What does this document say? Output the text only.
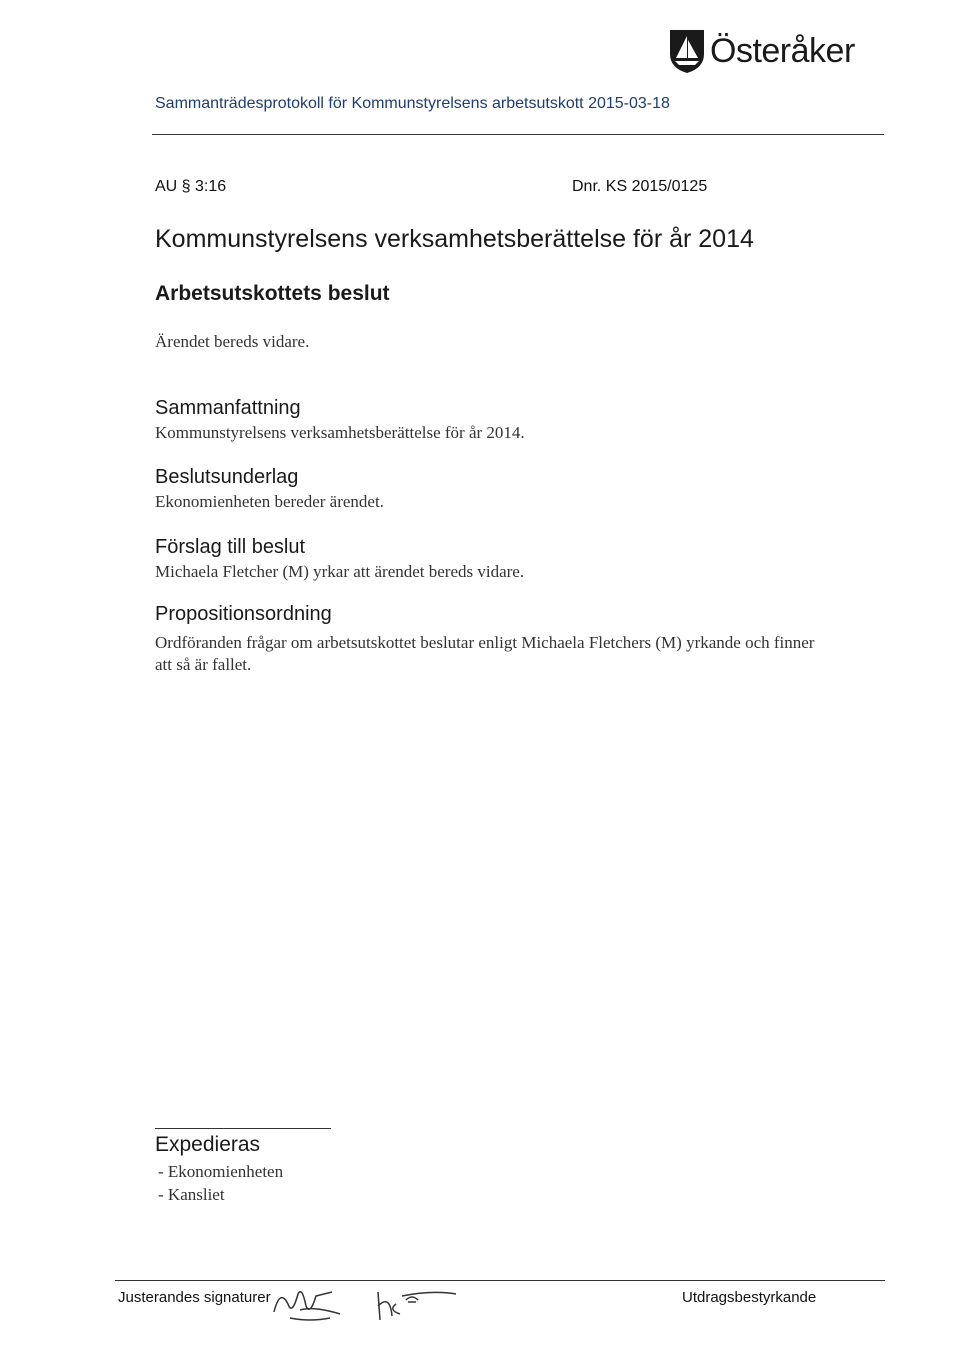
Österåker
Sammanträdesprotokoll för Kommunstyrelsens arbetsutskott 2015-03-18
AU § 3:16	Dnr. KS 2015/0125
Kommunstyrelsens verksamhetsberättelse för år 2014
Arbetsutskottets beslut
Ärendet bereds vidare.
Sammanfattning
Kommunstyrelsens verksamhetsberättelse för år 2014.
Beslutsunderlag
Ekonomienheten bereder ärendet.
Förslag till beslut
Michaela Fletcher (M) yrkar att ärendet bereds vidare.
Propositionsordning
Ordföranden frågar om arbetsutskottet beslutar enligt Michaela Fletchers (M) yrkande och finner att så är fallet.
Expedieras
- Ekonomienheten
- Kansliet
Justerandes signaturer	Utdragsbestyrkande
